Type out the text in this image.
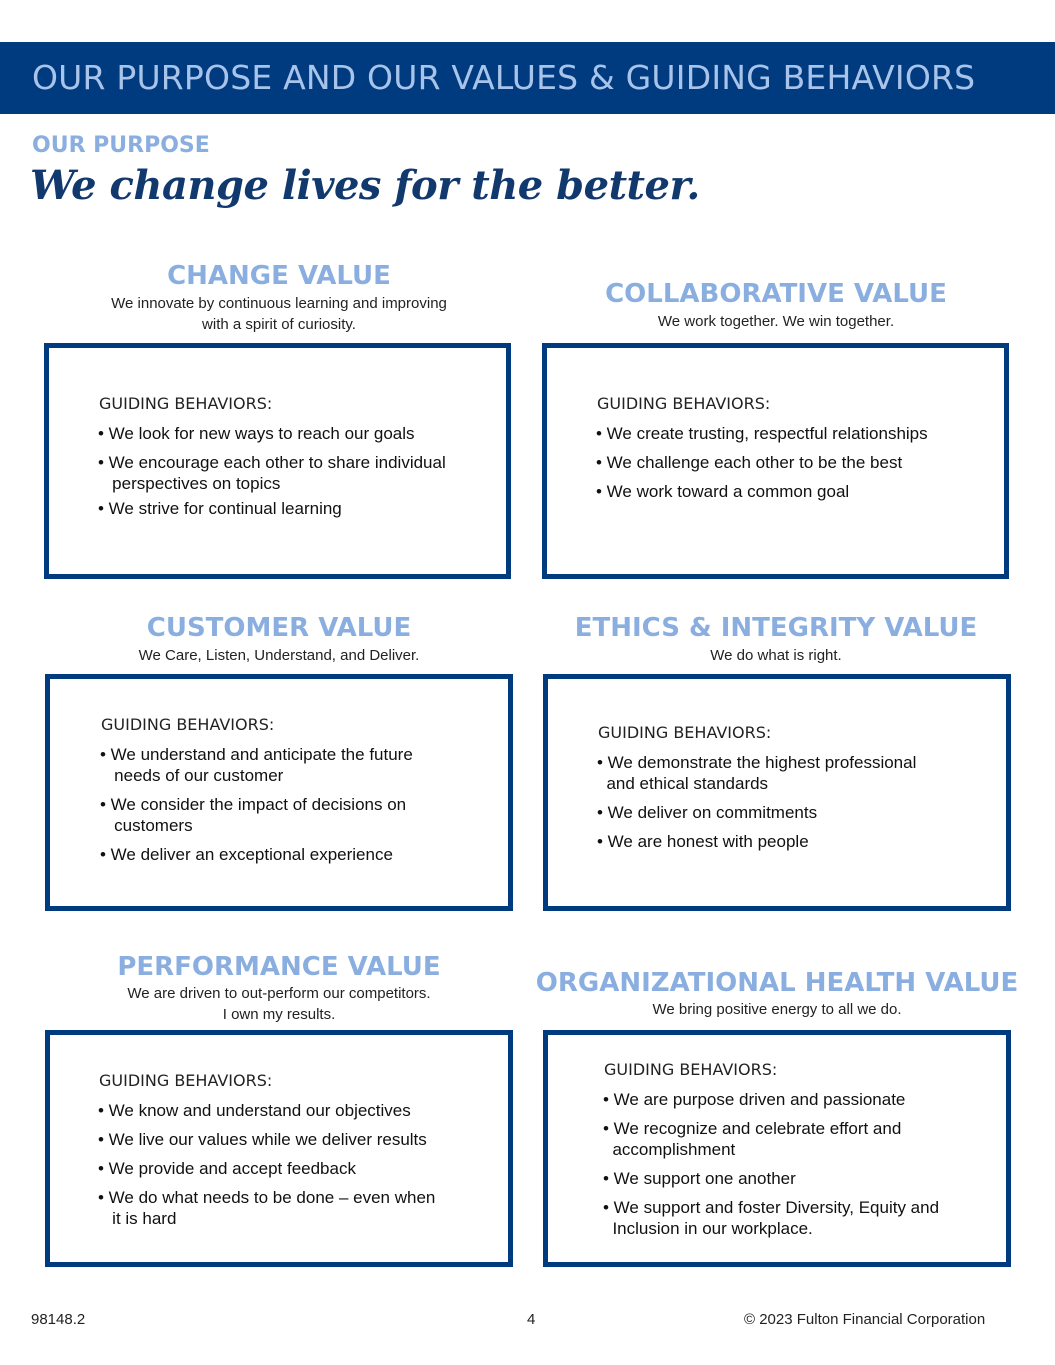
OUR PURPOSE AND OUR VALUES & GUIDING BEHAVIORS
OUR PURPOSE
We change lives for the better.
CHANGE VALUE
We innovate by continuous learning and improving
with a spirit of curiosity.
GUIDING BEHAVIORS:
• We look for new ways to reach our goals
• We encourage each other to share individual
perspectives on topics
• We strive for continual learning
COLLABORATIVE VALUE
We work together. We win together.
GUIDING BEHAVIORS:
• We create trusting, respectful relationships
• We challenge each other to be the best
• We work toward a common goal
CUSTOMER VALUE
We Care, Listen, Understand, and Deliver.
GUIDING BEHAVIORS:
• We understand and anticipate the future
needs of our customer
• We consider the impact of decisions on
customers
• We deliver an exceptional experience
ETHICS & INTEGRITY VALUE
We do what is right.
GUIDING BEHAVIORS:
• We demonstrate the highest professional
and ethical standards
• We deliver on commitments
• We are honest with people
PERFORMANCE VALUE
We are driven to out-perform our competitors.
I own my results.
GUIDING BEHAVIORS:
• We know and understand our objectives
• We live our values while we deliver results
• We provide and accept feedback
• We do what needs to be done – even when
it is hard
ORGANIZATIONAL HEALTH VALUE
We bring positive energy to all we do.
GUIDING BEHAVIORS:
• We are purpose driven and passionate
• We recognize and celebrate effort and
accomplishment
• We support one another
• We support and foster Diversity, Equity and
Inclusion in our workplace.
98148.2	4	© 2023 Fulton Financial Corporation
